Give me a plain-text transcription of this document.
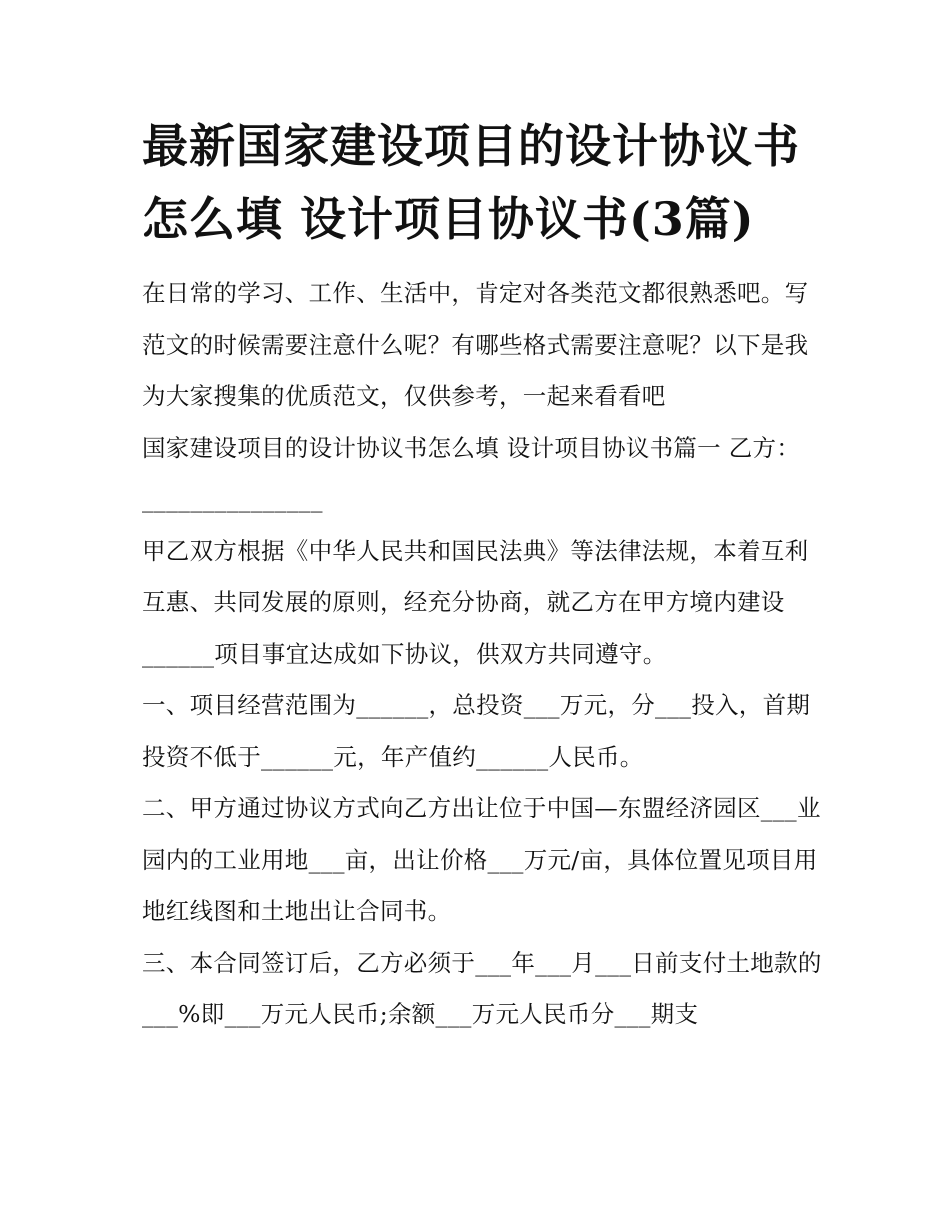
最新国家建设项目的设计协议书怎么填 设计项目协议书(3篇)

在日常的学习、工作、生活中，肯定对各类范文都很熟悉吧。写范文的时候需要注意什么呢？有哪些格式需要注意呢？以下是我为大家搜集的优质范文，仅供参考，一起来看看吧

国家建设项目的设计协议书怎么填 设计项目协议书篇一 乙方：_______________

甲乙双方根据《中华人民共和国民法典》等法律法规，本着互利互惠、共同发展的原则，经充分协商，就乙方在甲方境内建设______项目事宜达成如下协议，供双方共同遵守。

一、项目经营范围为______，总投资___万元，分___投入，首期投资不低于______元，年产值约______人民币。

二、甲方通过协议方式向乙方出让位于中国—东盟经济园区___业园内的工业用地___亩，出让价格___万元/亩，具体位置见项目用地红线图和土地出让合同书。

三、本合同签订后，乙方必须于___年___月___日前支付土地款的___%即___万元人民币;余额___万元人民币分___期支
